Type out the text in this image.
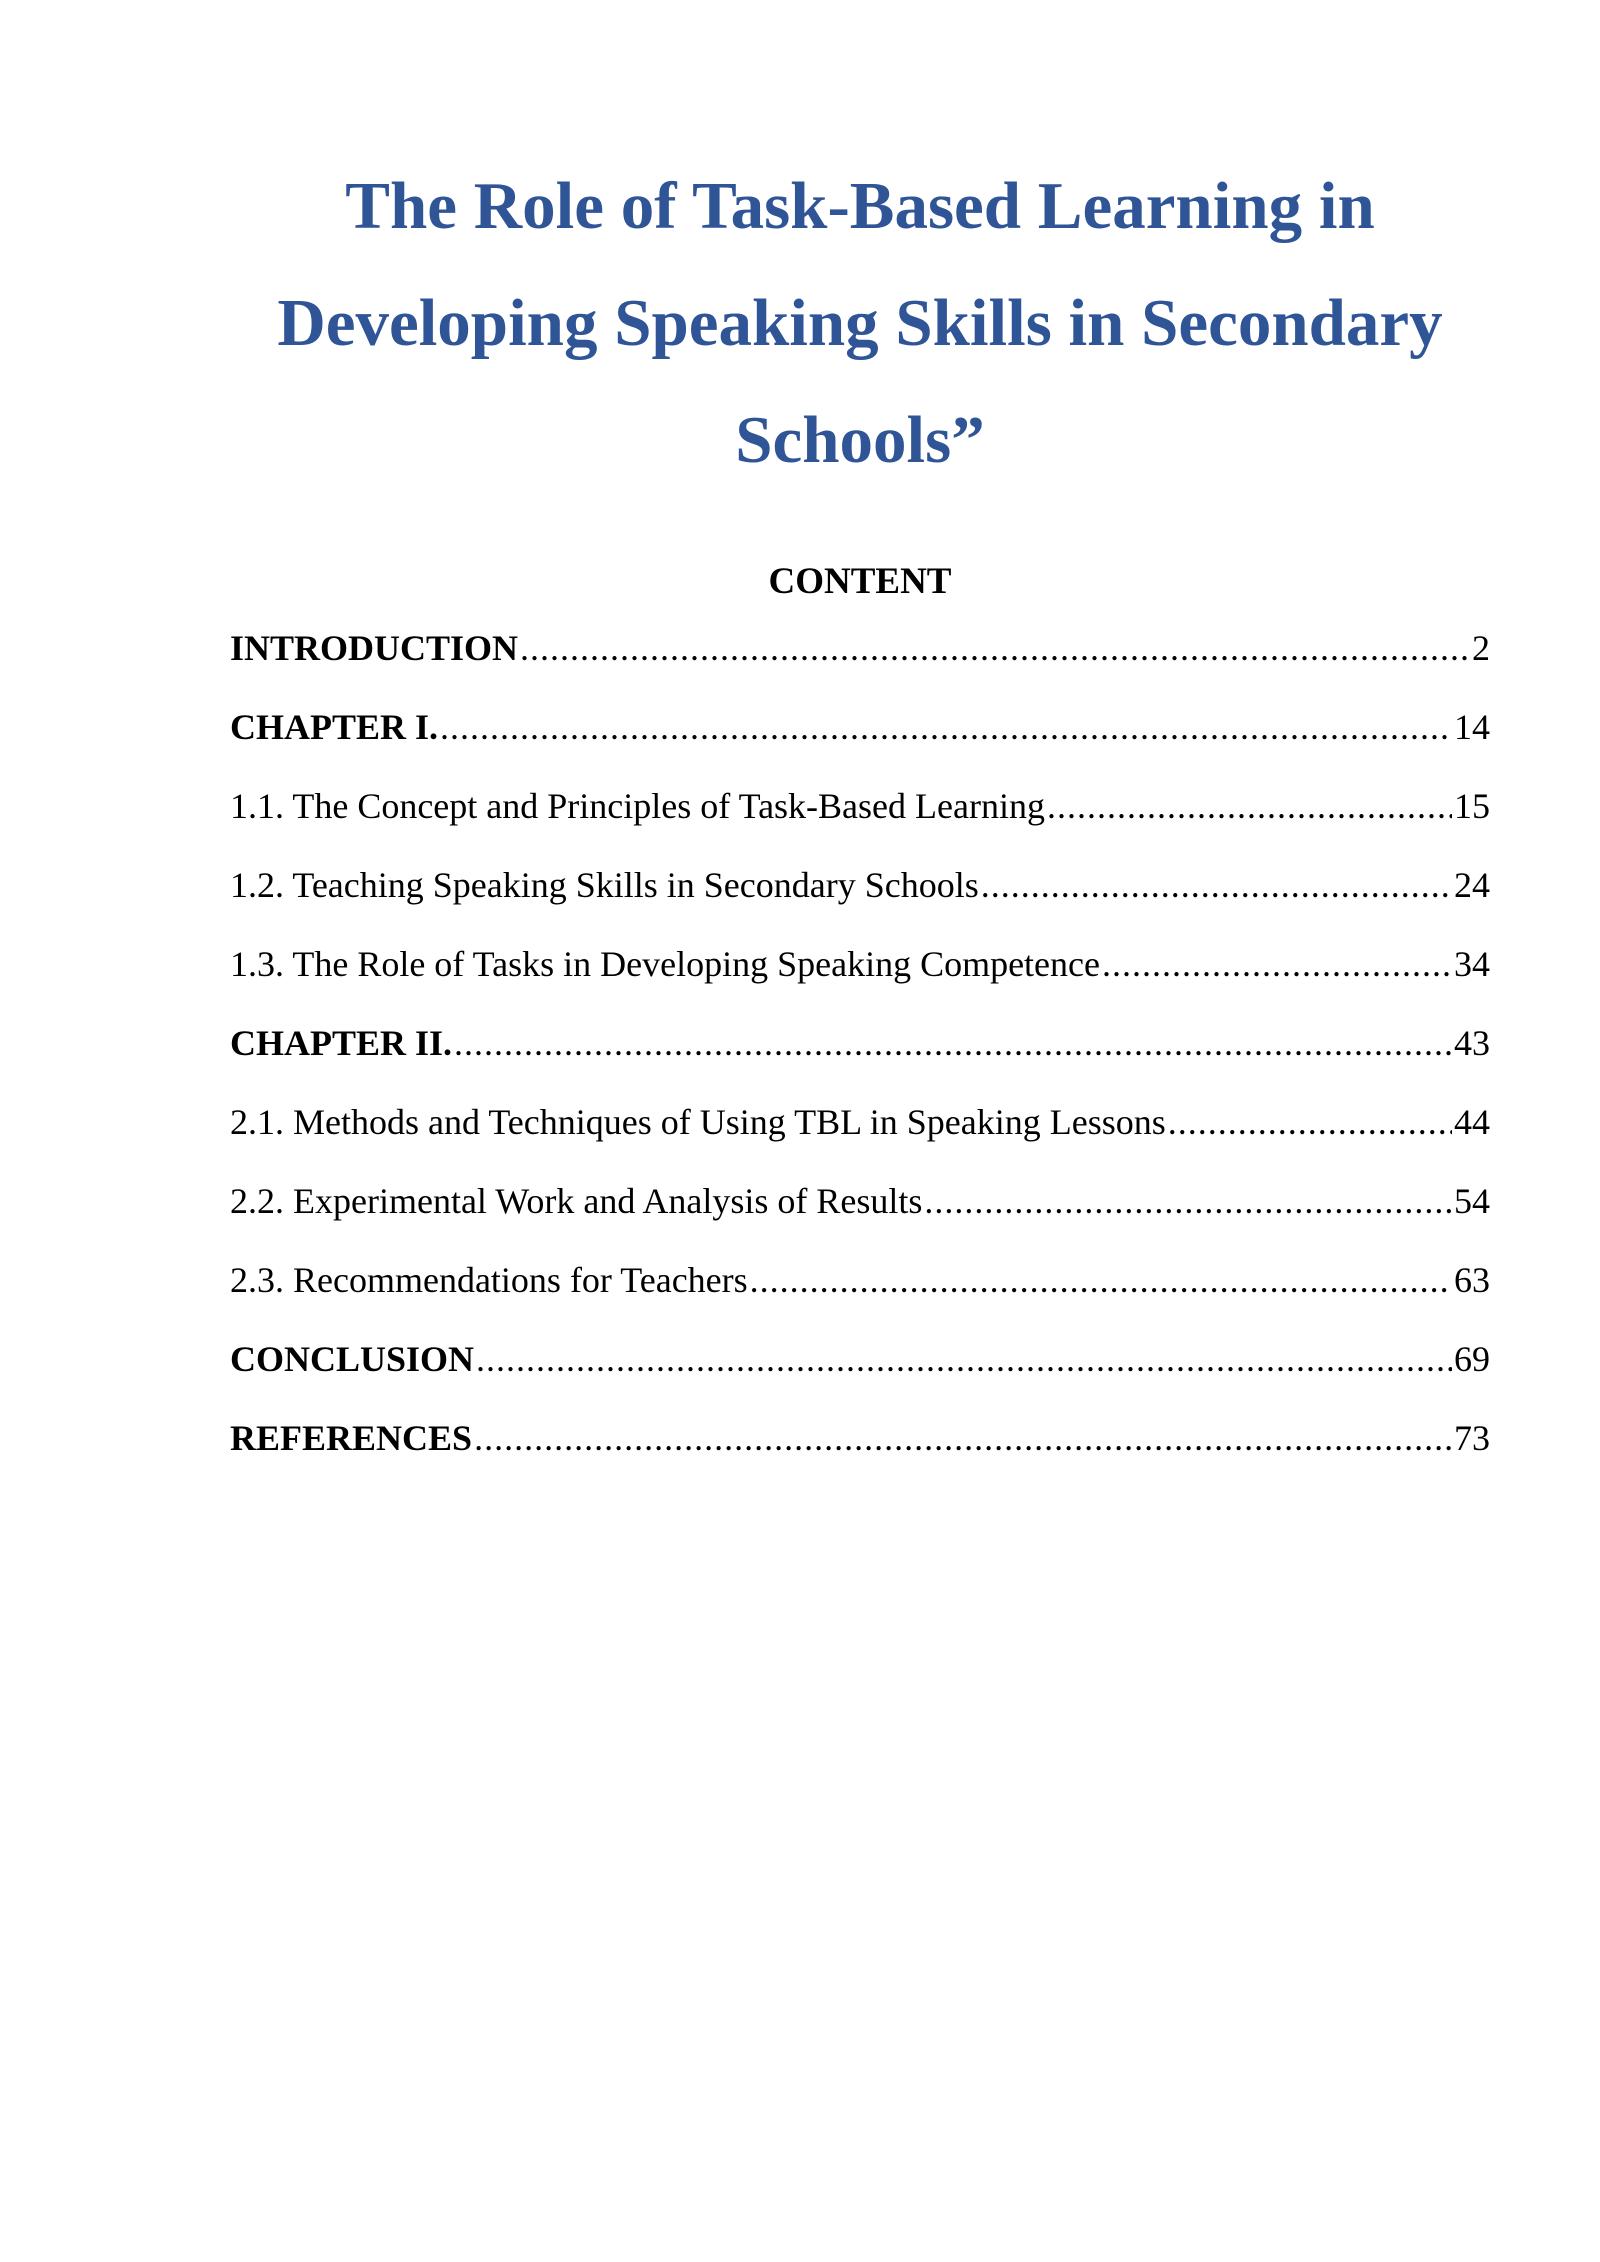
The Role of Task-Based Learning in
Developing Speaking Skills in Secondary
Schools”
CONTENT
INTRODUCTION .....	2
CHAPTER I. .....	14
1.1. The Concept and Principles of Task-Based Learning .....	15
1.2. Teaching Speaking Skills in Secondary Schools .....	24
1.3. The Role of Tasks in Developing Speaking Competence .....	34
CHAPTER II. .....	43
2.1. Methods and Techniques of Using TBL in Speaking Lessons .....	44
2.2. Experimental Work and Analysis of Results .....	54
2.3. Recommendations for Teachers .....	63
CONCLUSION .....	69
REFERENCES .....	73
